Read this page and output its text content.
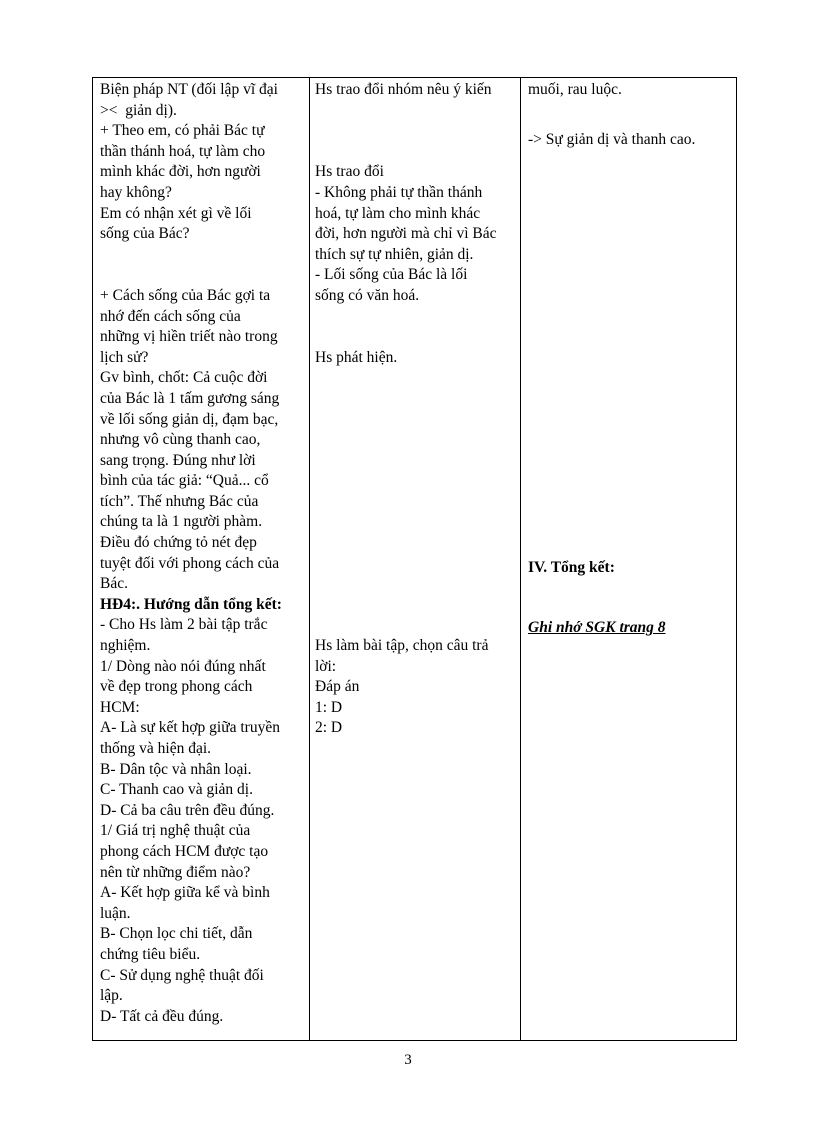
Biện pháp NT (đối lập vĩ đại
><  giản dị).
+ Theo em, có phải Bác tự
thần thánh hoá, tự làm cho
mình khác đời, hơn người
hay không?
Em có nhận xét gì về lối
sống của Bác?
+ Cách sống của Bác gợi ta
nhớ đến cách sống của
những vị hiền triết nào trong
lịch sử?
Gv bình, chốt: Cả cuộc đời
của Bác là 1 tấm gương sáng
về lối sống giản dị, đạm bạc,
nhưng vô cùng thanh cao,
sang trọng. Đúng như lời
bình của tác giả: “Quả... cổ
tích”. Thế nhưng Bác của
chúng ta là 1 người phàm.
Điều đó chứng tỏ nét đẹp
tuyệt đối với phong cách của
Bác.
HĐ4:. Hướng dẫn tổng kết:
- Cho Hs làm 2 bài tập trắc
nghiệm.
1/ Dòng nào nói đúng nhất
về đẹp trong phong cách
HCM:
A- Là sự kết hợp giữa truyền
thống và hiện đại.
B- Dân tộc và nhân loại.
C- Thanh cao và giản dị.
D- Cả ba câu trên đều đúng.
1/ Giá trị nghệ thuật của
phong cách HCM được tạo
nên từ những điểm nào?
A- Kết hợp giữa kể và bình
luận.
B- Chọn lọc chi tiết, dẫn
chứng tiêu biểu.
C- Sử dụng nghệ thuật đối
lập.
D- Tất cả đều đúng.
Hs trao đổi nhóm nêu ý kiến
Hs trao đổi
- Không phải tự thần thánh
hoá, tự làm cho mình khác
đời, hơn người mà chỉ vì Bác
thích sự tự nhiên, giản dị.
- Lối sống của Bác là lối
sống có văn hoá.
Hs phát hiện.
Hs làm bài tập, chọn câu trả
lời:
Đáp án
1: D
2: D
muối, rau luộc.
-> Sự giản dị và thanh cao.
IV. Tổng kết:
Ghi nhớ SGK trang 8
3
